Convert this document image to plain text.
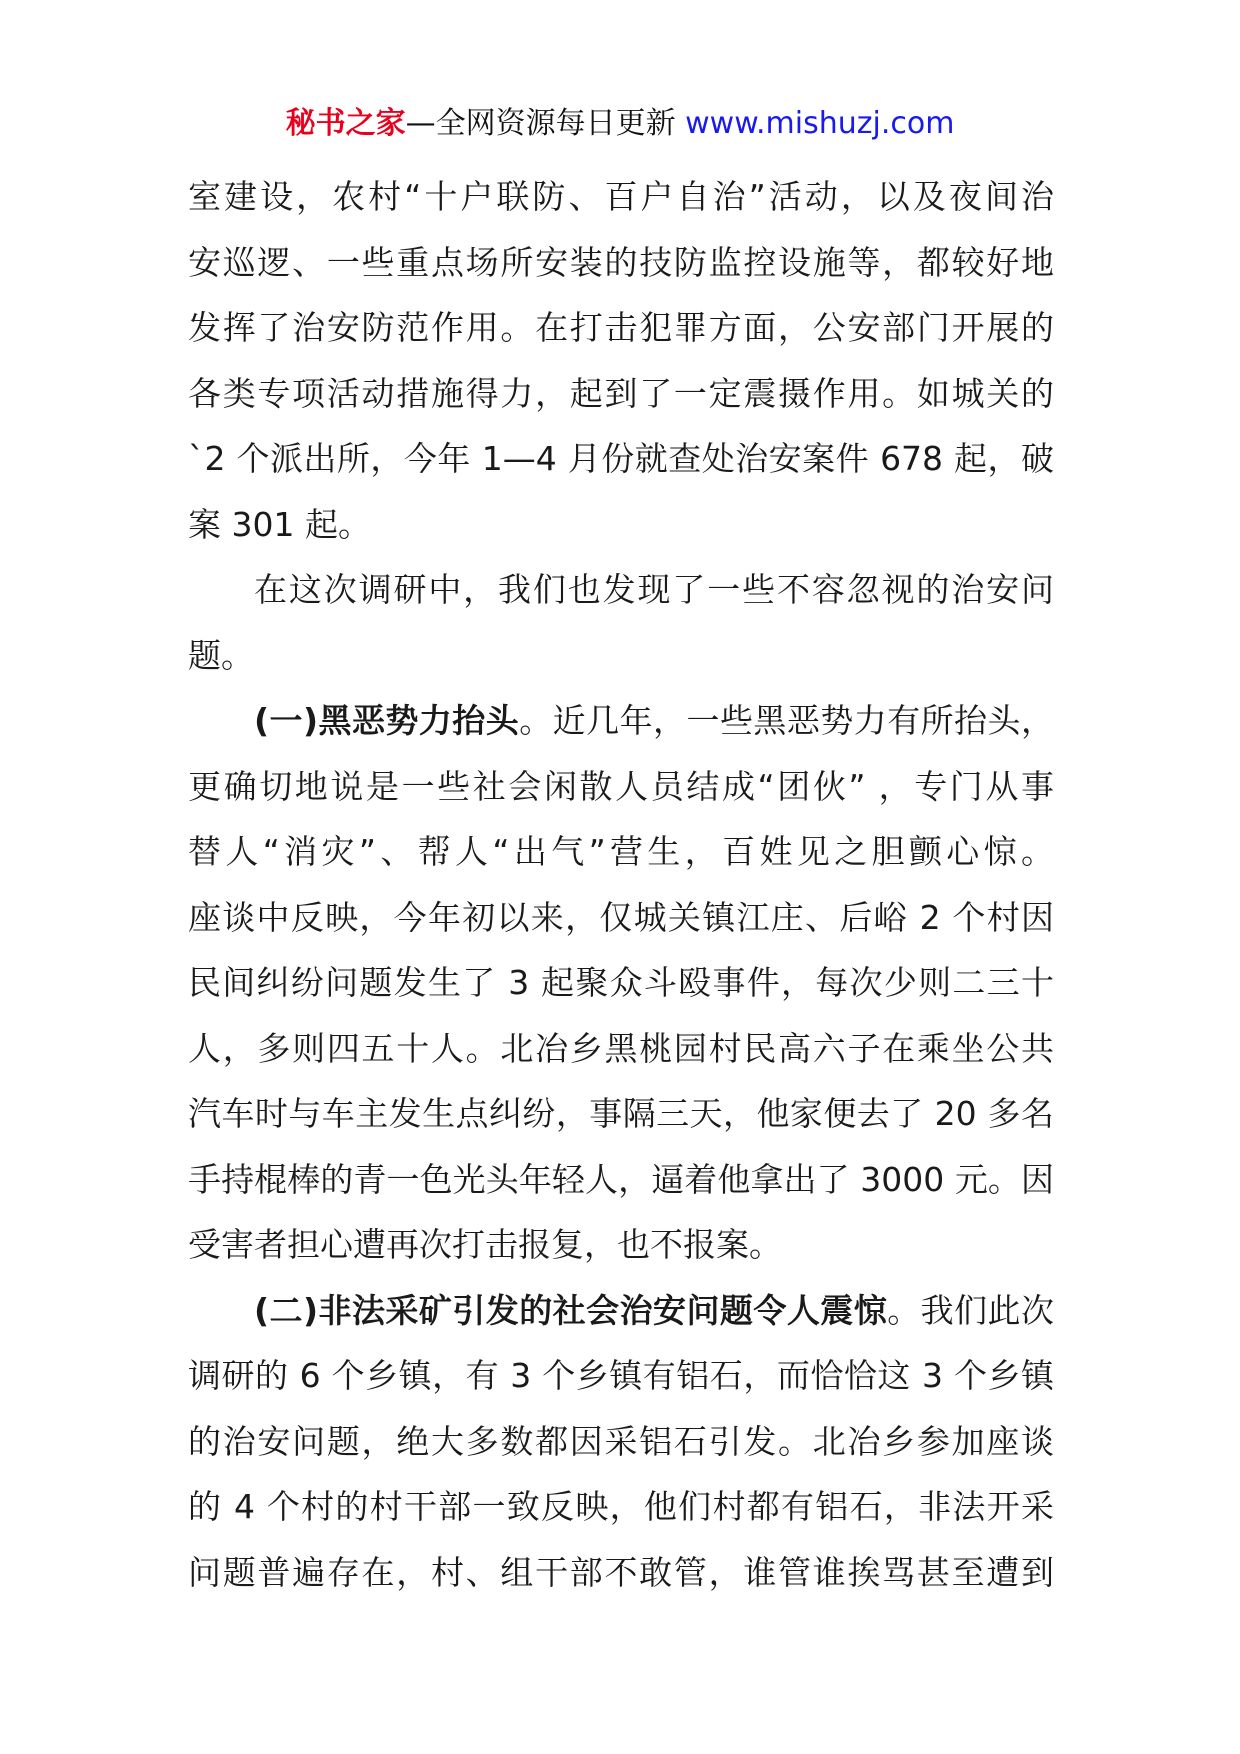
秘书之家—全网资源每日更新 www.mishuzj.com

室建设，农村“十户联防、百户自治”活动，以及夜间治
安巡逻、一些重点场所安装的技防监控设施等，都较好地
发挥了治安防范作用。在打击犯罪方面，公安部门开展的
各类专项活动措施得力，起到了一定震摄作用。如城关的
`2 个派出所，今年 1—4 月份就查处治安案件 678 起，破
案 301 起。

在这次调研中，我们也发现了一些不容忽视的治安问
题。

(一)黑恶势力抬头。近几年，一些黑恶势力有所抬头，
更确切地说是一些社会闲散人员结成“团伙” ，专门从事
替人“消灾”、帮人“出气”营生，百姓见之胆颤心惊。
座谈中反映，今年初以来，仅城关镇江庄、后峪 2 个村因
民间纠纷问题发生了 3 起聚众斗殴事件，每次少则二三十
人，多则四五十人。北冶乡黑桃园村民高六子在乘坐公共
汽车时与车主发生点纠纷，事隔三天，他家便去了 20 多名
手持棍棒的青一色光头年轻人，逼着他拿出了 3000 元。因
受害者担心遭再次打击报复，也不报案。

(二)非法采矿引发的社会治安问题令人震惊。我们此次
调研的 6 个乡镇，有 3 个乡镇有铝石，而恰恰这 3 个乡镇
的治安问题，绝大多数都因采铝石引发。北冶乡参加座谈
的 4 个村的村干部一致反映，他们村都有铝石，非法开采
问题普遍存在，村、组干部不敢管，谁管谁挨骂甚至遭到
